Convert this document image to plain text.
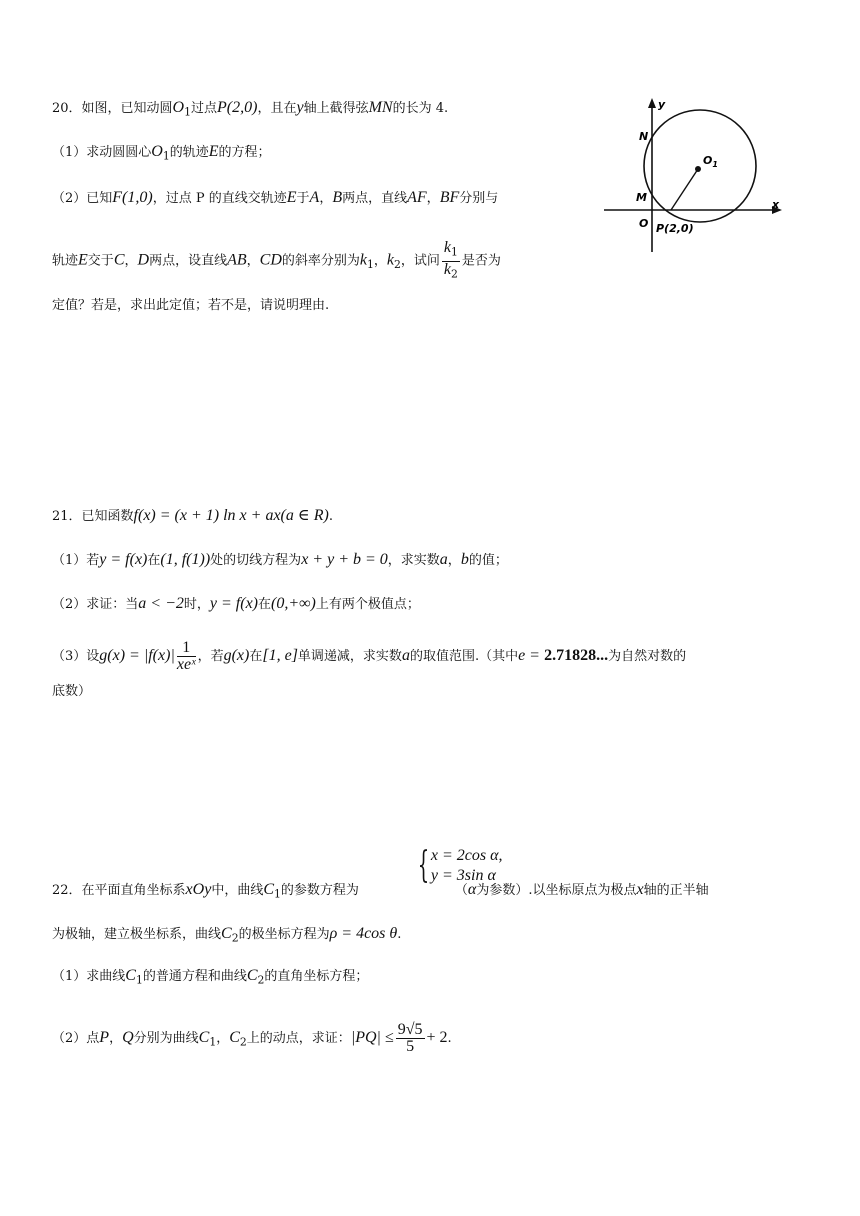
20．如图，已知动圆$O_1$过点P(2,0)，且在y轴上截得弦MN的长为 4.
（1）求动圆圆心$O_1$的轨迹E的方程；
（2）已知F(1,0)，过点 P 的直线交轨迹E于A，B两点，直线AF，BF分别与
轨迹E交于C，D两点，设直线AB，CD的斜率分别为$k_1$，$k_2$，试问 $\frac{k_1}{k_2}$ 是否为
定值？若是，求出此定值；若不是，请说明理由.
y
x
N
M
O
$O_1$
P(2,0)
21．已知函数f(x) = (x + 1) ln x + ax(a ∈ R).
（1）若y = f(x)在(1, f(1))处的切线方程为x + y + b = 0，求实数a，b的值；
（2）求证：当a < −2时，y = f(x)在(0,+∞)上有两个极值点；
（3）设$g(x) = |f(x)| \frac{1}{\text{xeˣ}}$ ，若g(x)在[1, e]单调递减，求实数a的取值范围.（其中e = 2.71828...为自然对数的
底数）
{ x = 2cos α,
y = 3sin α
22．在平面直角坐标系xOy中，曲线$C_1$的参数方程为	（α为参数）.以坐标原点为极点x轴的正半轴
为极轴，建立极坐标系，曲线$C_2$的极坐标方程为ρ = 4cos θ.
（1）求曲线$C_1$的普通方程和曲线$C_2$的直角坐标方程；
（2）点P，Q分别为曲线$C_1$，$C_2$上的动点，求证：$|PQ| \le \frac{9√5}{5} + 2$.
